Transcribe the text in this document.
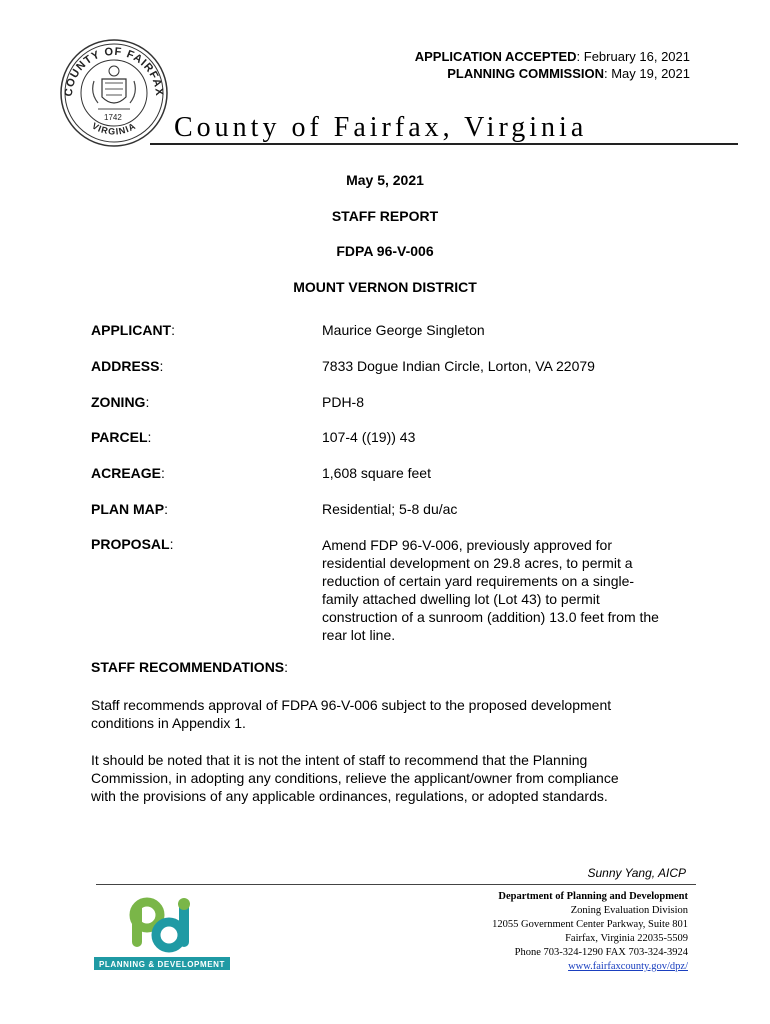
COUNTY OF FAIRFAX
VIRGINIA
1742
APPLICATION ACCEPTED: February 16, 2021
PLANNING COMMISSION: May 19, 2021
County of Fairfax, Virginia
May 5, 2021
STAFF REPORT
FDPA 96-V-006
MOUNT VERNON DISTRICT
APPLICANT:	Maurice George Singleton
ADDRESS:	7833 Dogue Indian Circle, Lorton, VA 22079
ZONING:	PDH-8
PARCEL:	107-4 ((19)) 43
ACREAGE:	1,608 square feet
PLAN MAP:	Residential; 5-8 du/ac
PROPOSAL:	Amend FDP 96-V-006, previously approved for
residential development on 29.8 acres, to permit a
reduction of certain yard requirements on a single-
family attached dwelling lot (Lot 43) to permit
construction of a sunroom (addition) 13.0 feet from the
rear lot line.
STAFF RECOMMENDATIONS:
Staff recommends approval of FDPA 96-V-006 subject to the proposed development
conditions in Appendix 1.
It should be noted that it is not the intent of staff to recommend that the Planning
Commission, in adopting any conditions, relieve the applicant/owner from compliance
with the provisions of any applicable ordinances, regulations, or adopted standards.
Sunny Yang, AICP
PLANNING & DEVELOPMENT
Department of Planning and Development
Zoning Evaluation Division
12055 Government Center Parkway, Suite 801
Fairfax, Virginia 22035-5509
Phone 703-324-1290 FAX 703-324-3924
www.fairfaxcounty.gov/dpz/
